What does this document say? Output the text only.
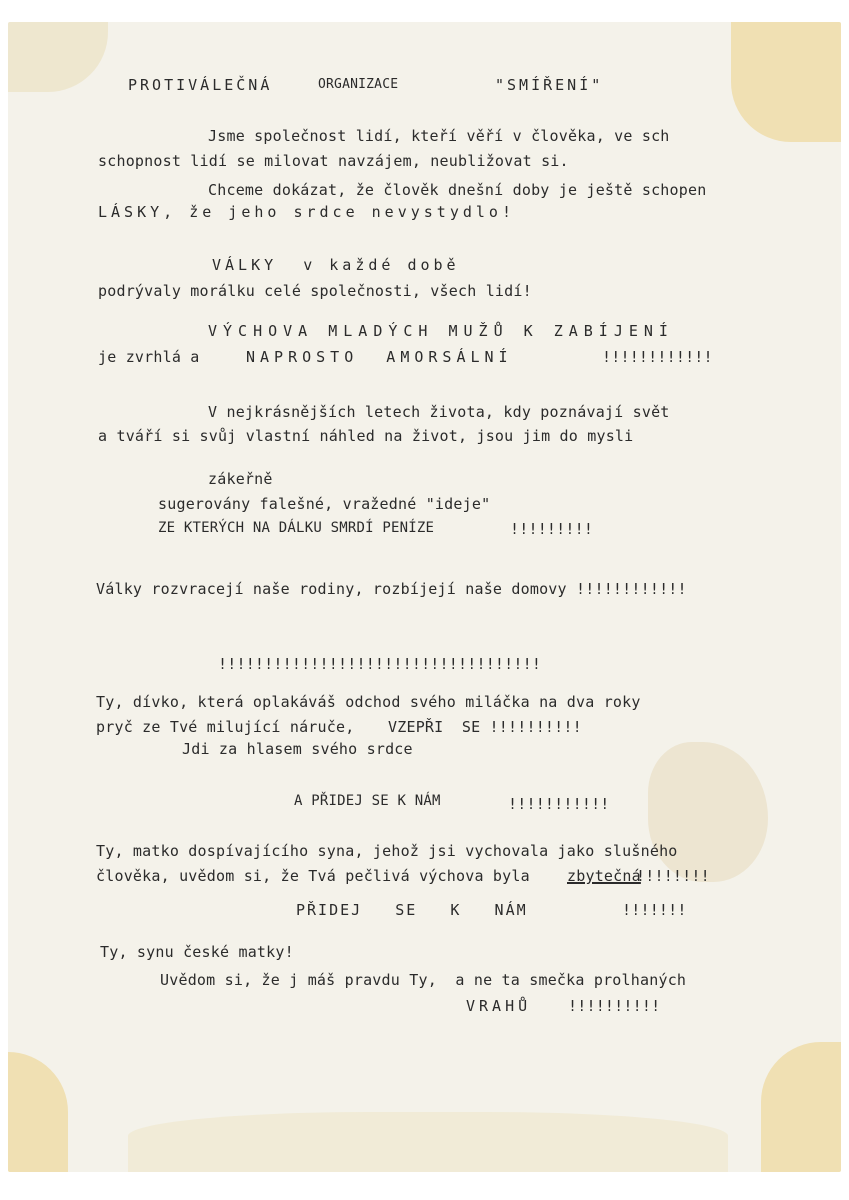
PROTIVÁLEČNÁ	ORGANIZACE	"SMÍŘENÍ"
Jsme společnost lidí, kteří věří v člověka, ve sch
schopnost lidí se milovat navzájem, neubližovat si.
Chceme dokázat, že člověk dnešní doby je ještě schopen
LÁSKY, že jeho srdce nevystydlo!
VÁLKY  v každé době
podrývaly morálku celé společnosti, všech lidí!
VÝCHOVA MLADÝCH MUŽŮ K ZABÍJENÍ
je zvrhlá a	NAPROSTO  AMORSÁLNÍ	!!!!!!!!!!!!
V nejkrásnějších letech života, kdy poznávají svět
a tváří si svůj vlastní náhled na život, jsou jim do mysli
zákeřně
sugerovány falešné, vražedné "ideje"
ZE KTERÝCH NA DÁLKU SMRDÍ PENÍZE	!!!!!!!!!
Války rozvracejí naše rodiny, rozbíjejí naše domovy !!!!!!!!!!!!
!!!!!!!!!!!!!!!!!!!!!!!!!!!!!!!!!!!
Ty, dívko, která oplakáváš odchod svého miláčka na dva roky
pryč ze Tvé milující náruče, VZEPŘI  SE !!!!!!!!!!
Jdi za hlasem svého srdce
A PŘIDEJ SE K NÁM	!!!!!!!!!!!
Ty, matko dospívajícího syna, jehož jsi vychovala jako slušného
člověka, uvědom si, že Tvá pečlivá výchova byla zbytečná
!!!!!!!!
PŘIDEJ   SE   K   NÁM	!!!!!!!
Ty, synu české matky!
Uvědom si, že j máš pravdu Ty,  a ne ta smečka prolhaných
VRAHŮ !!!!!!!!!!
